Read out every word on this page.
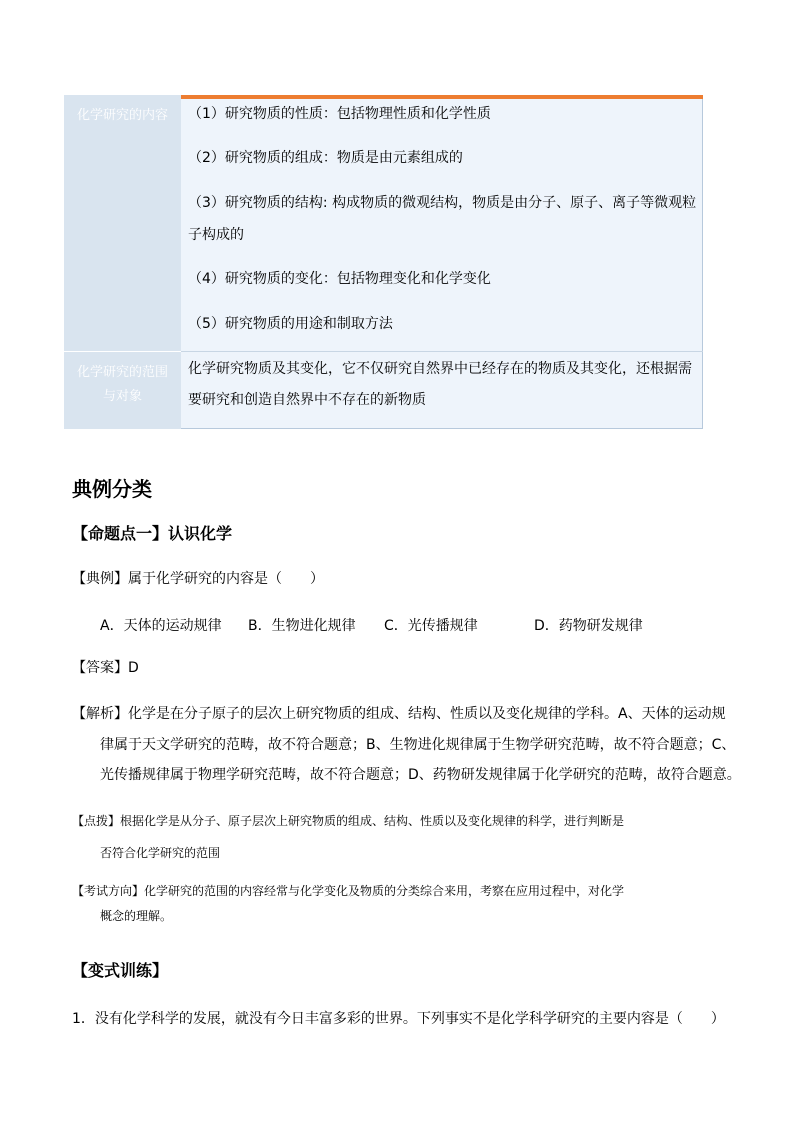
化学研究的内容
化学研究的范围
与对象
（1）研究物质的性质：包括物理性质和化学性质
（2）研究物质的组成：物质是由元素组成的
（3）研究物质的结构: 构成物质的微观结构，物质是由分子、原子、离子等微观粒
子构成的
（4）研究物质的变化：包括物理变化和化学变化
（5）研究物质的用途和制取方法
化学研究物质及其变化，它不仅研究自然界中已经存在的物质及其变化，还根据需
要研究和创造自然界中不存在的新物质
典例分类
【命题点一】认识化学
【典例】属于化学研究的内容是（　　）
A．天体的运动规律 B．生物进化规律 C．光传播规律	D．药物研发规律
【答案】D
【解析】化学是在分子原子的层次上研究物质的组成、结构、性质以及变化规律的学科。A、天体的运动规
律属于天文学研究的范畴，故不符合题意；B、生物进化规律属于生物学研究范畴，故不符合题意；C、
光传播规律属于物理学研究范畴，故不符合题意；D、药物研发规律属于化学研究的范畴，故符合题意。
【点拨】根据化学是从分子、原子层次上研究物质的组成、结构、性质以及变化规律的科学，进行判断是
否符合化学研究的范围
【考试方向】化学研究的范围的内容经常与化学变化及物质的分类综合来用，考察在应用过程中，对化学
概念的理解。
【变式训练】
1．没有化学科学的发展，就没有今日丰富多彩的世界。下列事实不是化学科学研究的主要内容是（　　）
